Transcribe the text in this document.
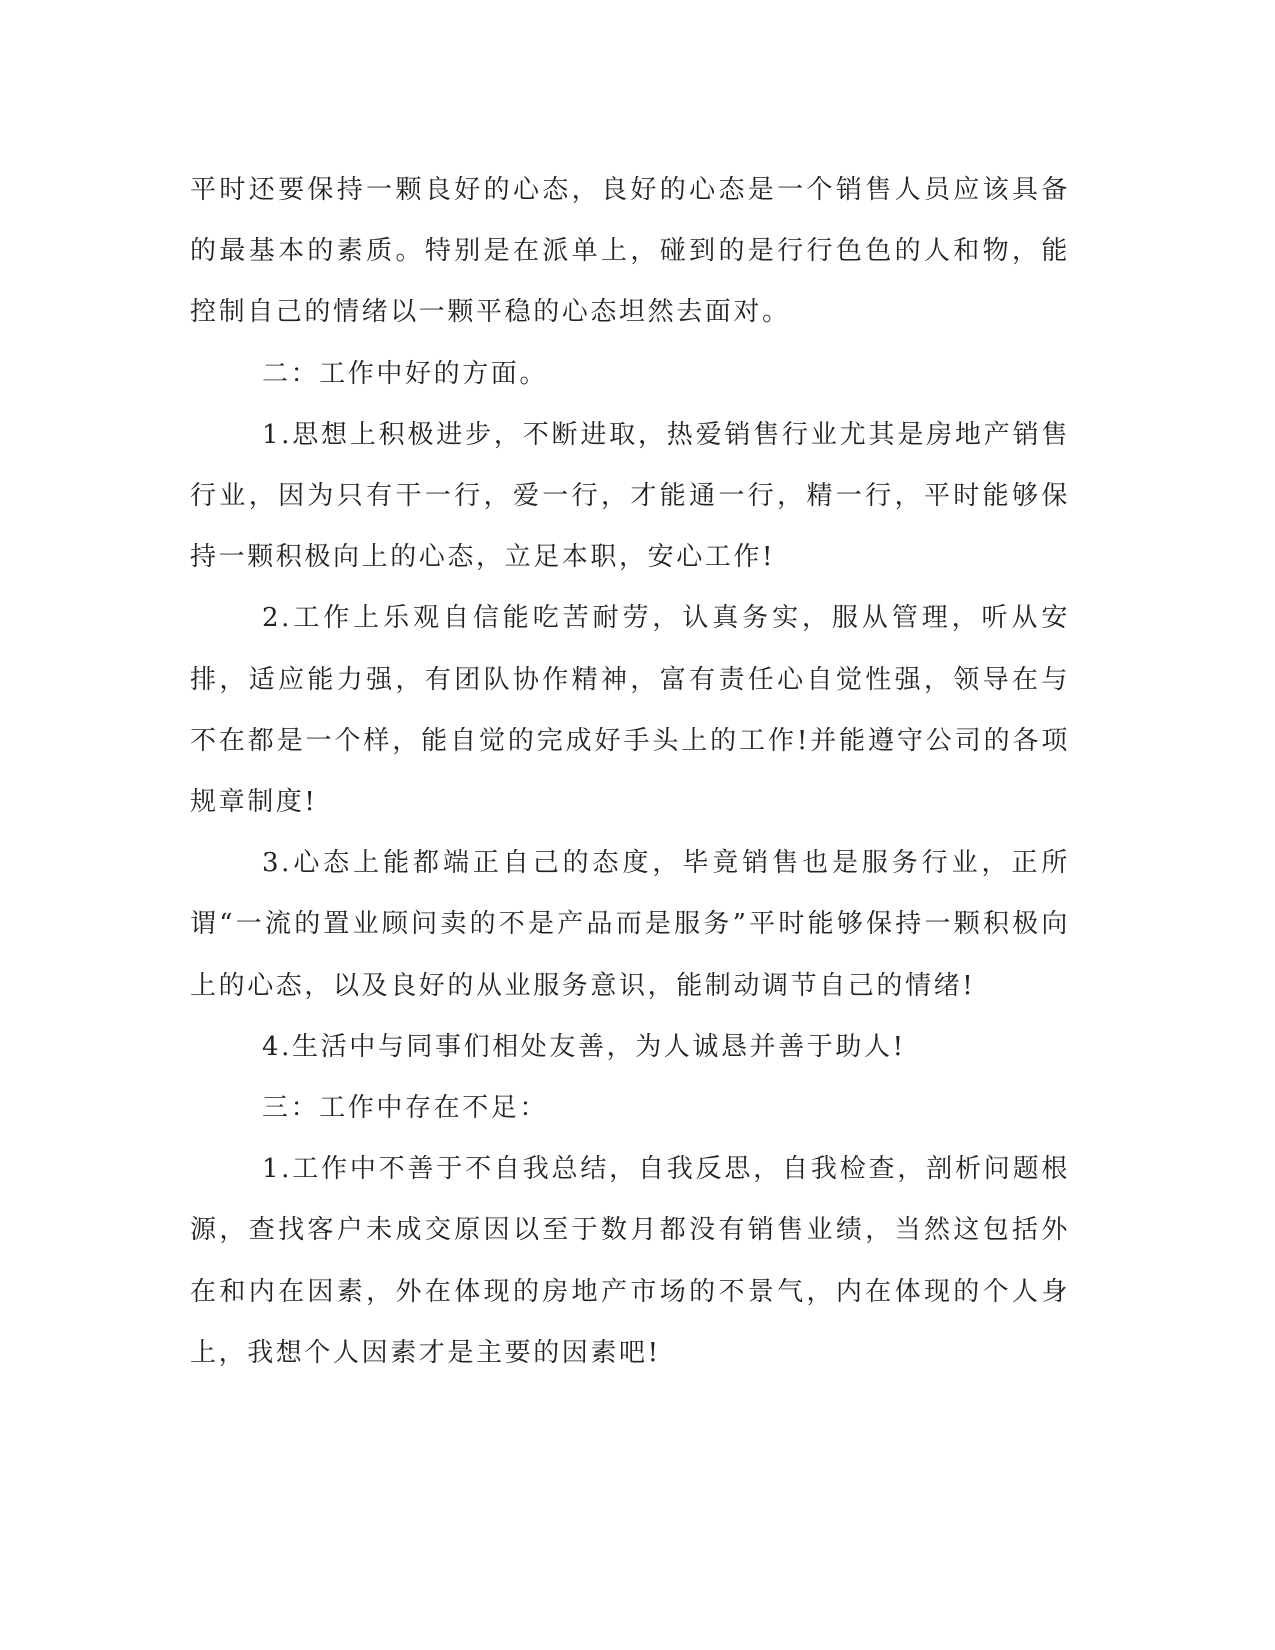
平时还要保持一颗良好的心态，良好的心态是一个销售人员应该具备的最基本的素质。特别是在派单上，碰到的是行行色色的人和物，能控制自己的情绪以一颗平稳的心态坦然去面对。

二：工作中好的方面。

1.思想上积极进步，不断进取，热爱销售行业尤其是房地产销售行业，因为只有干一行，爱一行，才能通一行，精一行，平时能够保持一颗积极向上的心态，立足本职，安心工作!

2.工作上乐观自信能吃苦耐劳，认真务实，服从管理，听从安排，适应能力强，有团队协作精神，富有责任心自觉性强，领导在与不在都是一个样，能自觉的完成好手头上的工作!并能遵守公司的各项规章制度!

3.心态上能都端正自己的态度，毕竟销售也是服务行业，正所谓“一流的置业顾问卖的不是产品而是服务”平时能够保持一颗积极向上的心态，以及良好的从业服务意识，能制动调节自己的情绪!

4.生活中与同事们相处友善，为人诚恳并善于助人!

三：工作中存在不足：

1.工作中不善于不自我总结，自我反思，自我检查，剖析问题根源，查找客户未成交原因以至于数月都没有销售业绩，当然这包括外在和内在因素，外在体现的房地产市场的不景气，内在体现的个人身上，我想个人因素才是主要的因素吧!
